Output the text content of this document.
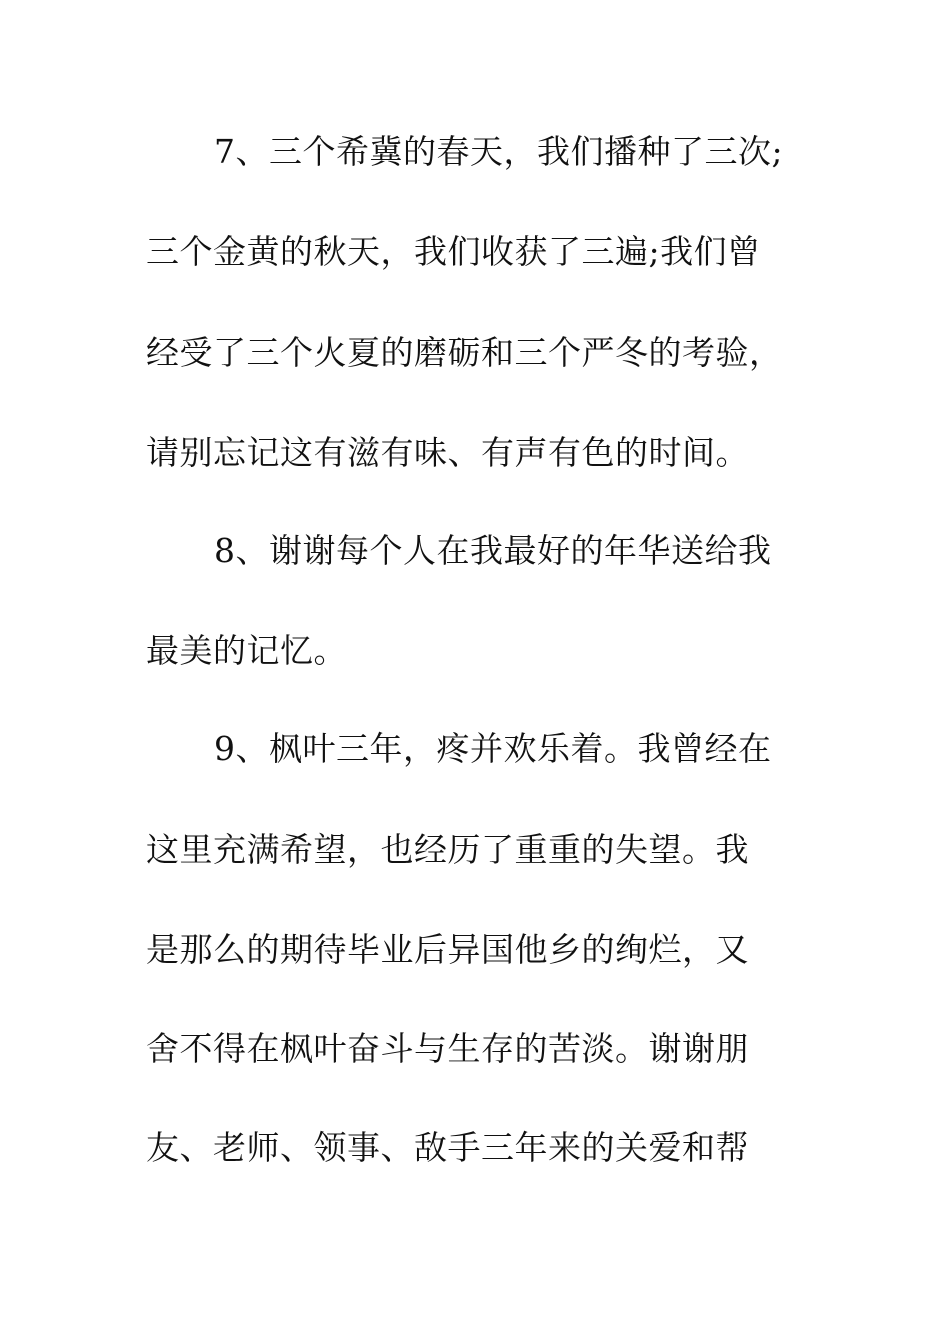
7、三个希冀的春天，我们播种了三次;
三个金黄的秋天，我们收获了三遍;我们曾
经受了三个火夏的磨砺和三个严冬的考验，
请别忘记这有滋有味、有声有色的时间。
8、谢谢每个人在我最好的年华送给我
最美的记忆。
9、枫叶三年，疼并欢乐着。我曾经在
这里充满希望，也经历了重重的失望。我
是那么的期待毕业后异国他乡的绚烂，又
舍不得在枫叶奋斗与生存的苦淡。谢谢朋
友、老师、领事、敌手三年来的关爱和帮
